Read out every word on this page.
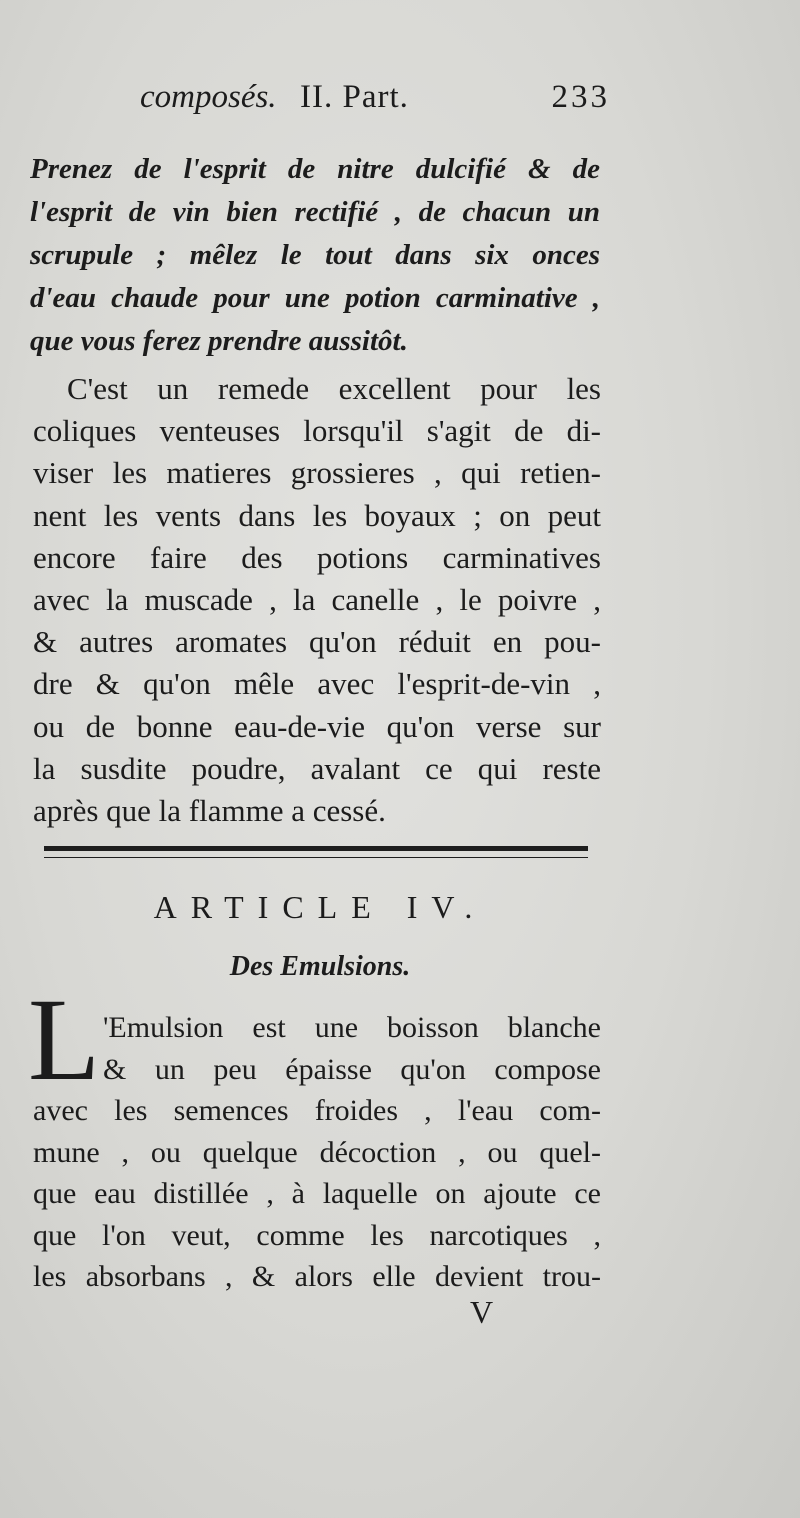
composés. II. Part.	233
Prenez de l'esprit de nitre dulcifié & de
l'esprit de vin bien rectifié , de chacun un
scrupule ; mêlez le tout dans six onces
d'eau chaude pour une potion carminative ,
que vous ferez prendre aussitôt.
C'est un remede excellent pour les
coliques venteuses lorsqu'il s'agit de di-
viser les matieres grossieres , qui retien-
nent les vents dans les boyaux ; on peut
encore faire des potions carminatives
avec la muscade , la canelle , le poivre ,
& autres aromates qu'on réduit en pou-
dre & qu'on mêle avec l'esprit-de-vin ,
ou de bonne eau-de-vie qu'on verse sur
la susdite poudre, avalant ce qui reste
après que la flamme a cessé.
ARTICLE IV.
Des Emulsions.
L 'Emulsion est une boisson blanche
& un peu épaisse qu'on compose
avec les semences froides , l'eau com-
mune , ou quelque décoction , ou quel-
que eau distillée , à laquelle on ajoute ce
que l'on veut, comme les narcotiques ,
les absorbans , & alors elle devient trou-
V
